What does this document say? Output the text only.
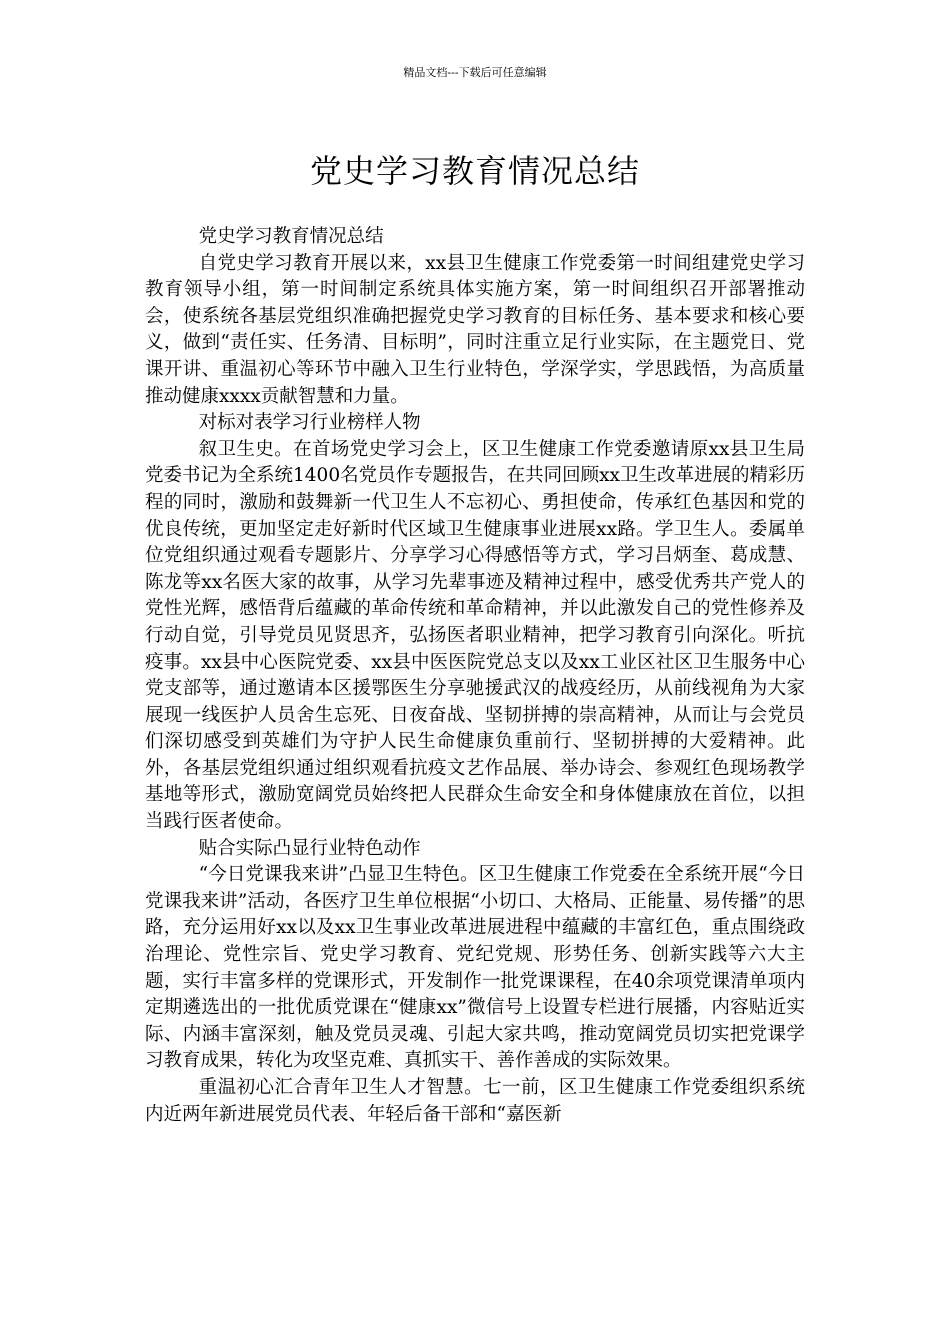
精品文档---下载后可任意编辑
党史学习教育情况总结

党史学习教育情况总结

自党史学习教育开展以来，xx县卫生健康工作党委第一时间组建党史学习教育领导小组，第一时间制定系统具体实施方案，第一时间组织召开部署推动会，使系统各基层党组织准确把握党史学习教育的目标任务、基本要求和核心要义，做到“责任实、任务清、目标明”，同时注重立足行业实际，在主题党日、党课开讲、重温初心等环节中融入卫生行业特色，学深学实，学思践悟，为高质量推动健康xxxx贡献智慧和力量。

对标对表学习行业榜样人物

叙卫生史。在首场党史学习会上，区卫生健康工作党委邀请原xx县卫生局党委书记为全系统1400名党员作专题报告，在共同回顾xx卫生改革进展的精彩历程的同时，激励和鼓舞新一代卫生人不忘初心、勇担使命，传承红色基因和党的优良传统，更加坚定走好新时代区域卫生健康事业进展xx路。学卫生人。委属单位党组织通过观看专题影片、分享学习心得感悟等方式，学习吕炳奎、葛成慧、陈龙等xx名医大家的故事，从学习先辈事迹及精神过程中，感受优秀共产党人的党性光辉，感悟背后蕴藏的革命传统和革命精神，并以此激发自己的党性修养及行动自觉，引导党员见贤思齐，弘扬医者职业精神，把学习教育引向深化。听抗疫事。xx县中心医院党委、xx县中医医院党总支以及xx工业区社区卫生服务中心党支部等，通过邀请本区援鄂医生分享驰援武汉的战疫经历，从前线视角为大家展现一线医护人员舍生忘死、日夜奋战、坚韧拼搏的崇高精神，从而让与会党员们深切感受到英雄们为守护人民生命健康负重前行、坚韧拼搏的大爱精神。此外，各基层党组织通过组织观看抗疫文艺作品展、举办诗会、参观红色现场教学基地等形式，激励宽阔党员始终把人民群众生命安全和身体健康放在首位，以担当践行医者使命。

贴合实际凸显行业特色动作

“今日党课我来讲”凸显卫生特色。区卫生健康工作党委在全系统开展“今日党课我来讲”活动，各医疗卫生单位根据“小切口、大格局、正能量、易传播”的思路，充分运用好xx以及xx卫生事业改革进展进程中蕴藏的丰富红色，重点围绕政治理论、党性宗旨、党史学习教育、党纪党规、形势任务、创新实践等六大主题，实行丰富多样的党课形式，开发制作一批党课课程，在40余项党课清单项内定期遴选出的一批优质党课在“健康xx”微信号上设置专栏进行展播，内容贴近实际、内涵丰富深刻，触及党员灵魂、引起大家共鸣，推动宽阔党员切实把党课学习教育成果，转化为攻坚克难、真抓实干、善作善成的实际效果。

重温初心汇合青年卫生人才智慧。七一前，区卫生健康工作党委组织系统内近两年新进展党员代表、年轻后备干部和“嘉医新
